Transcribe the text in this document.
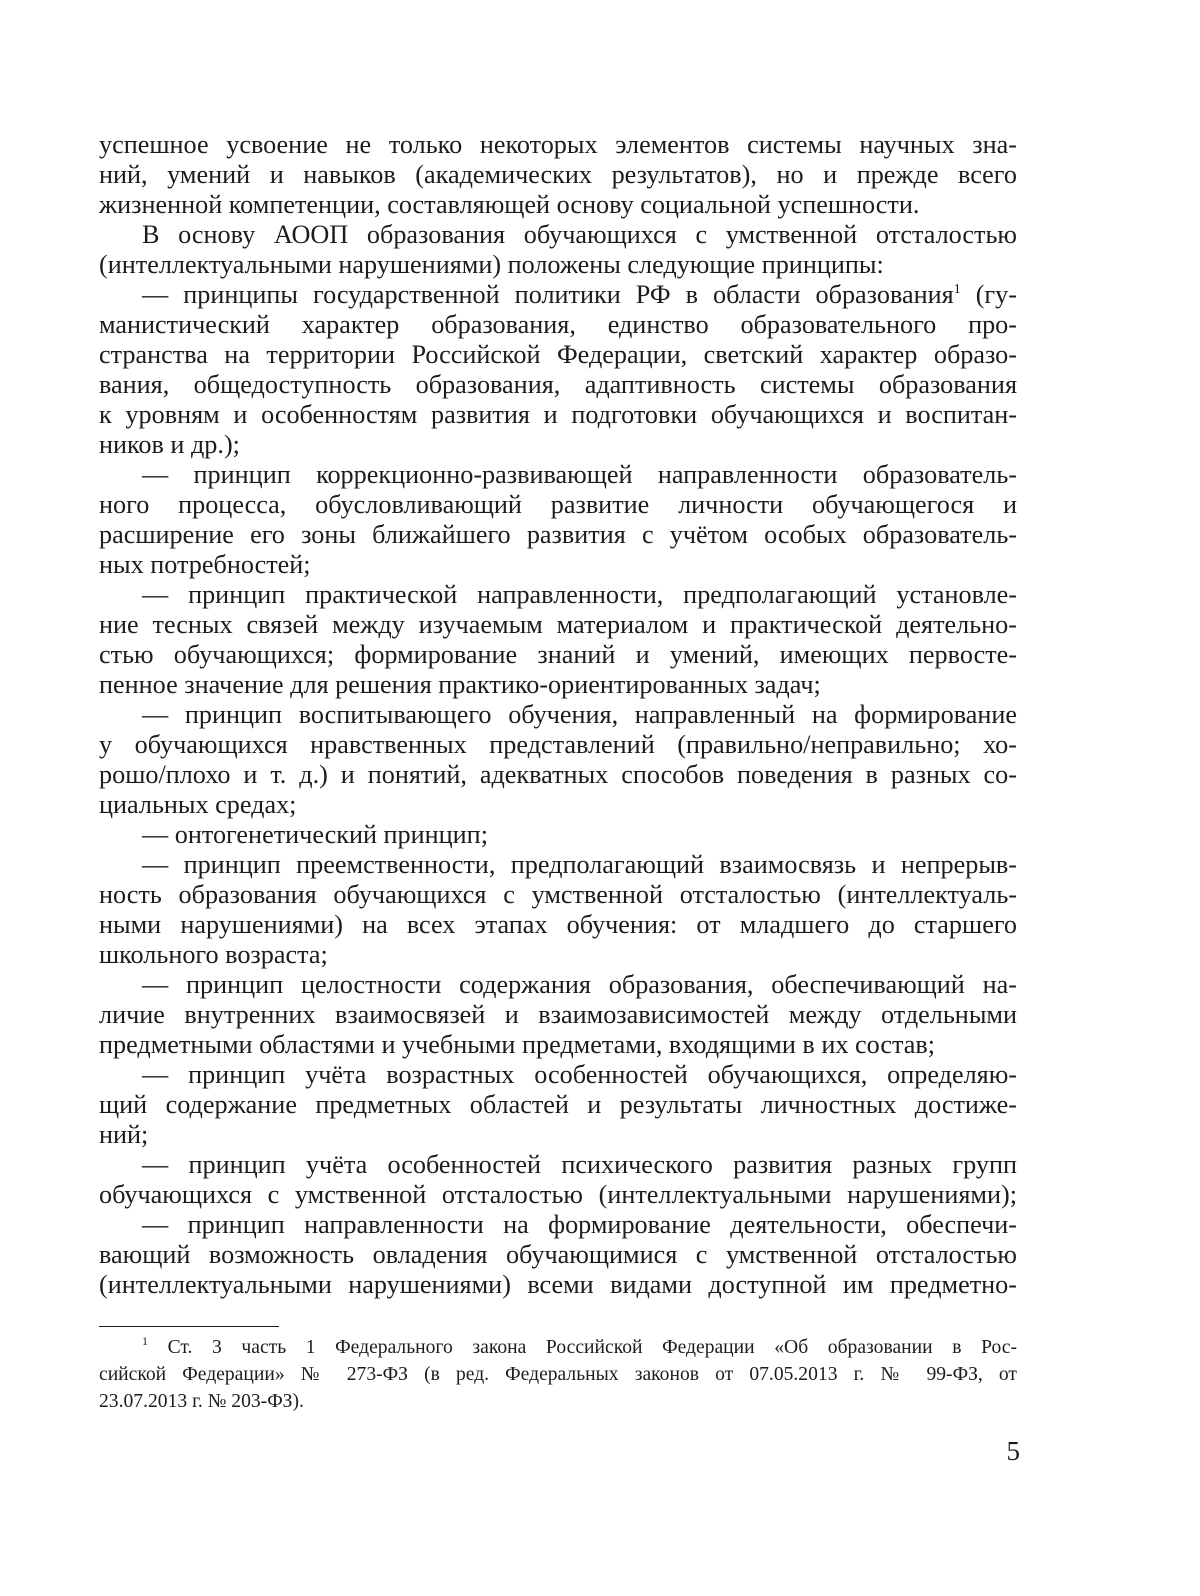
успешное усвоение не только некоторых элементов системы научных зна-
ний, умений и навыков (академических результатов), но и прежде всего
жизненной компетенции, составляющей основу социальной успешности.
В основу АООП образования обучающихся с умственной отсталостью
(интеллектуальными нарушениями) положены следующие принципы:
— принципы государственной политики РФ в области образования$^1$ (гу-
манистический характер образования, единство образовательного про-
странства на территории Российской Федерации, светский характер образо-
вания, общедоступность образования, адаптивность системы образования
к уровням и особенностям развития и подготовки обучающихся и воспитан-
ников и др.);
— принцип коррекционно-развивающей направленности образователь-
ного процесса, обусловливающий развитие личности обучающегося и
расширение его зоны ближайшего развития с учётом особых образователь-
ных потребностей;
— принцип практической направленности, предполагающий установле-
ние тесных связей между изучаемым материалом и практической деятельно-
стью обучающихся; формирование знаний и умений, имеющих первосте-
пенное значение для решения практико-ориентированных задач;
— принцип воспитывающего обучения, направленный на формирование
у обучающихся нравственных представлений (правильно/неправильно; хо-
рошо/плохо и т. д.) и понятий, адекватных способов поведения в разных со-
циальных средах;
— онтогенетический принцип;
— принцип преемственности, предполагающий взаимосвязь и непрерыв-
ность образования обучающихся с умственной отсталостью (интеллектуаль-
ными нарушениями) на всех этапах обучения: от младшего до старшего
школьного возраста;
— принцип целостности содержания образования, обеспечивающий на-
личие внутренних взаимосвязей и взаимозависимостей между отдельными
предметными областями и учебными предметами, входящими в их состав;
— принцип учёта возрастных особенностей обучающихся, определяю-
щий содержание предметных областей и результаты личностных достиже-
ний;
— принцип учёта особенностей психического развития разных групп
обучающихся с умственной отсталостью (интеллектуальными нарушениями);
— принцип направленности на формирование деятельности, обеспечи-
вающий возможность овладения обучающимися с умственной отсталостью
(интеллектуальными нарушениями) всеми видами доступной им предметно-
$^1$ Ст. 3 часть 1 Федерального закона Российской Федерации «Об образовании в Рос-
сийской Федерации» № 273-ФЗ (в ред. Федеральных законов от 07.05.2013 г. № 99-ФЗ, от
23.07.2013 г. № 203-ФЗ).
5
